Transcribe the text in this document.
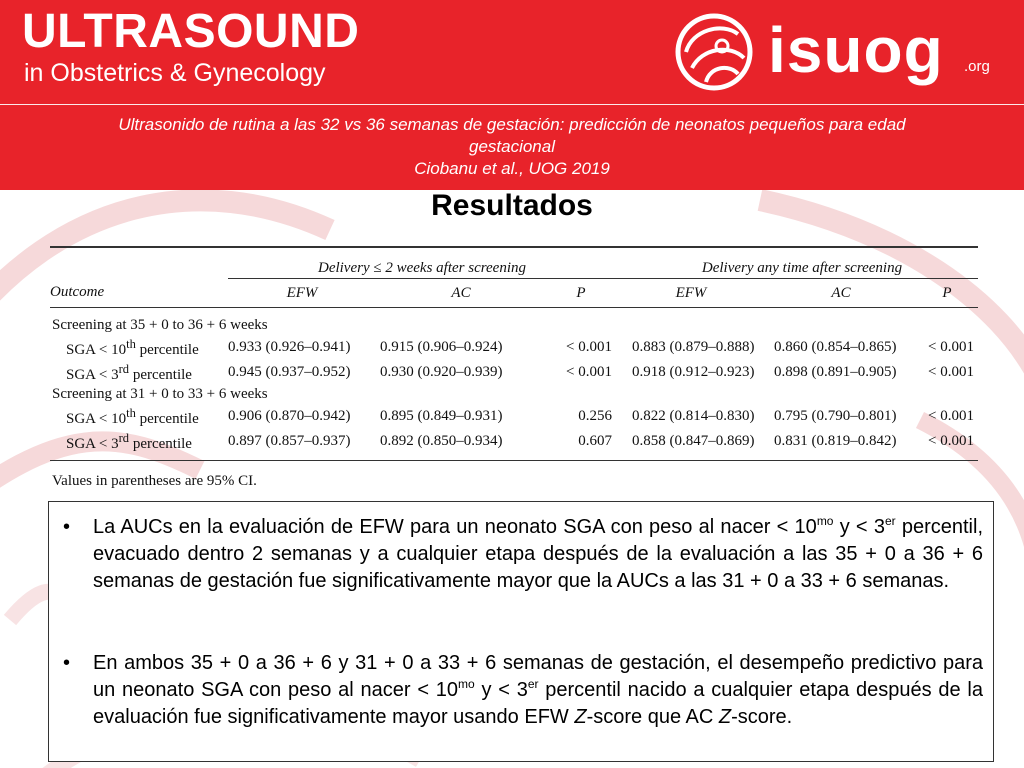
ULTRASOUND
in Obstetrics & Gynecology	isuog .org
Ultrasonido de rutina a las 32 vs 36 semanas de gestación: predicción de neonatos pequeños para edad
gestacional
Ciobanu et al., UOG 2019
Resultados

	Delivery ≤ 2 weeks after screening			Delivery any time after screening		
Outcome	EFW	AC	P	EFW	AC	P

Screening at 35 + 0 to 36 + 6 weeks						
SGA < 10th percentile	0.933 (0.926–0.941)	0.915 (0.906–0.924)	< 0.001	0.883 (0.879–0.888)	0.860 (0.854–0.865)	< 0.001
SGA < 3rd percentile	0.945 (0.937–0.952)	0.930 (0.920–0.939)	< 0.001	0.918 (0.912–0.923)	0.898 (0.891–0.905)	< 0.001
Screening at 31 + 0 to 33 + 6 weeks						
SGA < 10th percentile	0.906 (0.870–0.942)	0.895 (0.849–0.931)	0.256	0.822 (0.814–0.830)	0.795 (0.790–0.801)	< 0.001
SGA < 3rd percentile	0.897 (0.857–0.937)	0.892 (0.850–0.934)	0.607	0.858 (0.847–0.869)	0.831 (0.819–0.842)	< 0.001

Values in parentheses are 95% CI.
•	La AUCs en la evaluación de EFW para un neonato SGA con peso al nacer < $10^{mo}$ y < 3er percentil, evacuado dentro 2 semanas y a cualquier etapa después de la evaluación a las 35 + 0 a 36 + 6 semanas de gestación fue significativamente mayor que la AUCs a las 31 + 0 a 33 + 6 semanas.
•	En ambos 35 + 0 a 36 + 6 y 31 + 0 a 33 + 6 semanas de gestación, el desempeño predictivo para un neonato SGA con peso al nacer < $10^{mo}$ y < 3er percentil nacido a cualquier etapa después de la evaluación fue significativamente mayor usando EFW Z-score que AC Z-score.
